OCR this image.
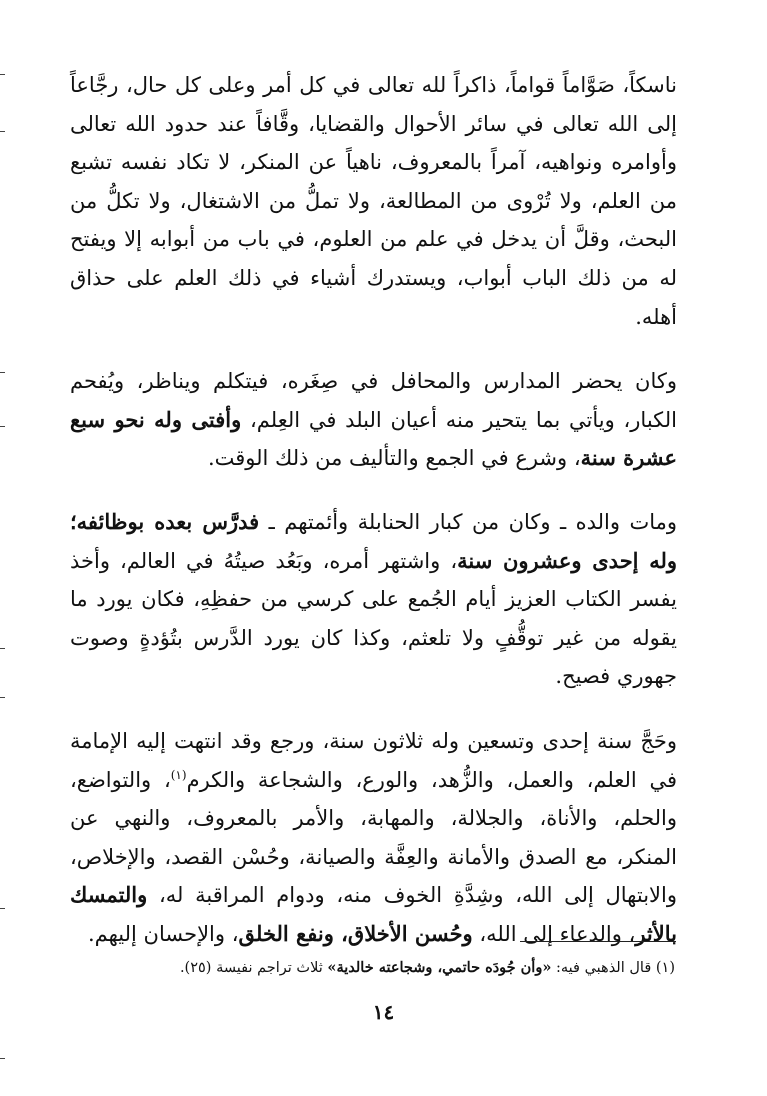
ناسكاً، صَوَّاماً قواماً، ذاكراً لله تعالى في كل أمر وعلى كل حال، رجَّاعاً إلى الله تعالى في سائر الأحوال والقضايا، وقَّافاً عند حدود الله تعالى وأوامره ونواهيه، آمراً بالمعروف، ناهياً عن المنكر، لا تكاد نفسه تشبع من العلم، ولا تُرْوى من المطالعة، ولا تملُّ من الاشتغال، ولا تكلُّ من البحث، وقلَّ أن يدخل في علم من العلوم، في باب من أبوابه إلا ويفتح له من ذلك الباب أبواب، ويستدرك أشياء في ذلك العلم على حذاق أهله.

وكان يحضر المدارس والمحافل في صِغَره، فيتكلم ويناظر، ويُفحم الكبار، ويأتي بما يتحير منه أعيان البلد في العِلم، وأفتى وله نحو سبع عشرة سنة، وشرع في الجمع والتأليف من ذلك الوقت.

ومات والده ـ وكان من كبار الحنابلة وأئمتهم ـ فدرَّس بعده بوظائفه؛ وله إحدى وعشرون سنة، واشتهر أمره، وبَعُد صيتُهُ في العالم، وأخذ يفسر الكتاب العزيز أيام الجُمع على كرسي من حفظِهِ، فكان يورد ما يقوله من غير توقُّفٍ ولا تلعثم، وكذا كان يورد الدَّرس بتُؤدةٍ وصوت جهوري فصيح.

وحَجَّ سنة إحدى وتسعين وله ثلاثون سنة، ورجع وقد انتهت إليه الإمامة في العلم، والعمل، والزُّهد، والورع، والشجاعة والكرم$^{(١)}$، والتواضع، والحلم، والأناة، والجلالة، والمهابة، والأمر بالمعروف، والنهي عن المنكر، مع الصدق والأمانة والعِفَّة والصيانة، وحُسْن القصد، والإخلاص، والابتهال إلى الله، وشِدَّةِ الخوف منه، ودوام المراقبة له، والتمسك بالأثر، والدعاء إلى الله، وحُسن الأخلاق، ونفع الخلق، والإحسان إليهم.

(١) قال الذهبي فيه: «وأن جُودَه حاتمي، وشجاعته خالدية» ثلاث تراجم نفيسة (٢٥).
١٤
